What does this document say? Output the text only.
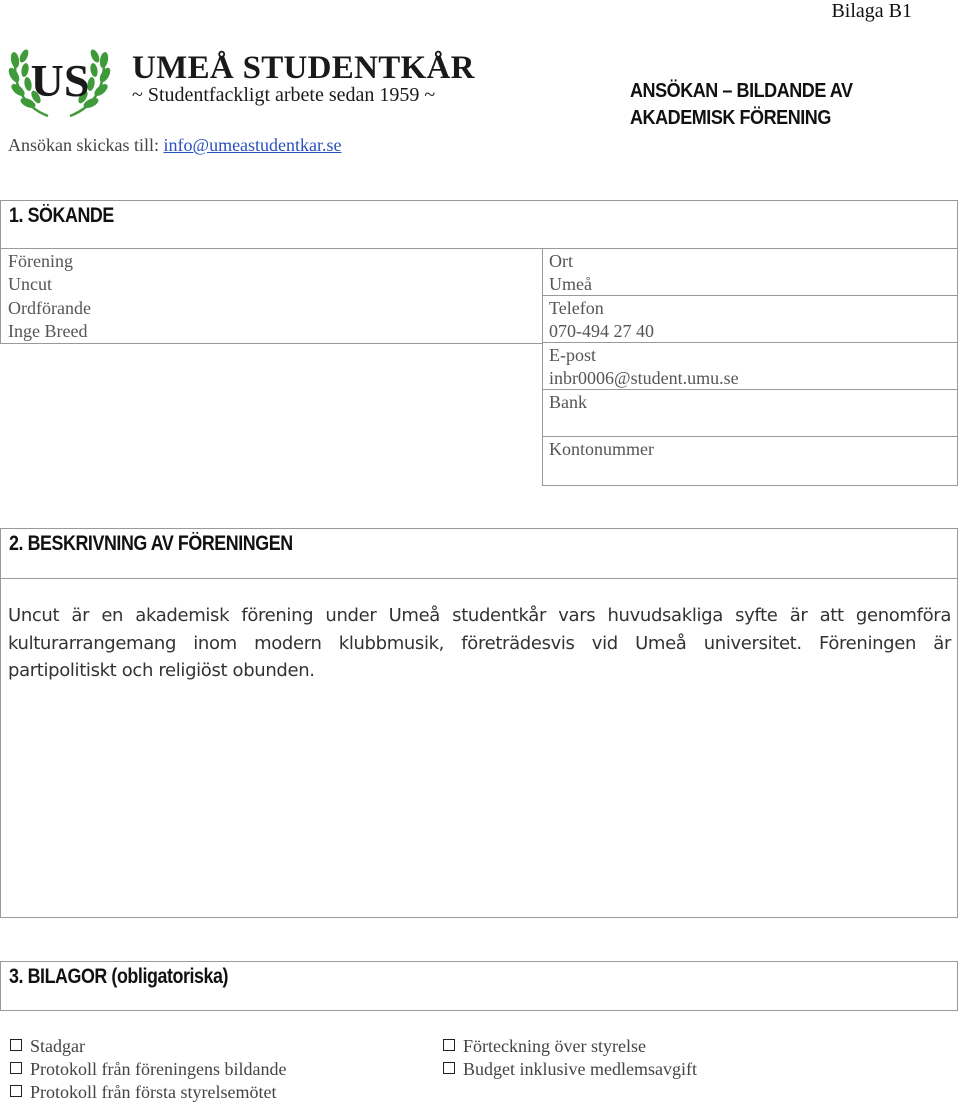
Bilaga B1
US UMEÅ STUDENTKÅR
~ Studentfackligt arbete sedan 1959 ~	ANSÖKAN – BILDANDE AV
AKADEMISK FÖRENING
Ansökan skickas till: info@umeastudentkar.se
1. SÖKANDE
Förening
Uncut
Ordförande
Inge Breed
Ort
Umeå
Telefon
070-494 27 40
E-post
inbr0006@student.umu.se
Bank
Kontonummer
2. BESKRIVNING AV FÖRENINGEN
Uncut är en akademisk förening under Umeå studentkår vars huvudsakliga syfte är att genomföra kulturarrangemang inom modern klubbmusik, företrädesvis vid Umeå universitet. Föreningen är partipolitiskt och religiöst obunden.
3. BILAGOR (obligatoriska)
Stadgar
Protokoll från föreningens bildande
Protokoll från första styrelsemötet
Förteckning över styrelse
Budget inklusive medlemsavgift
